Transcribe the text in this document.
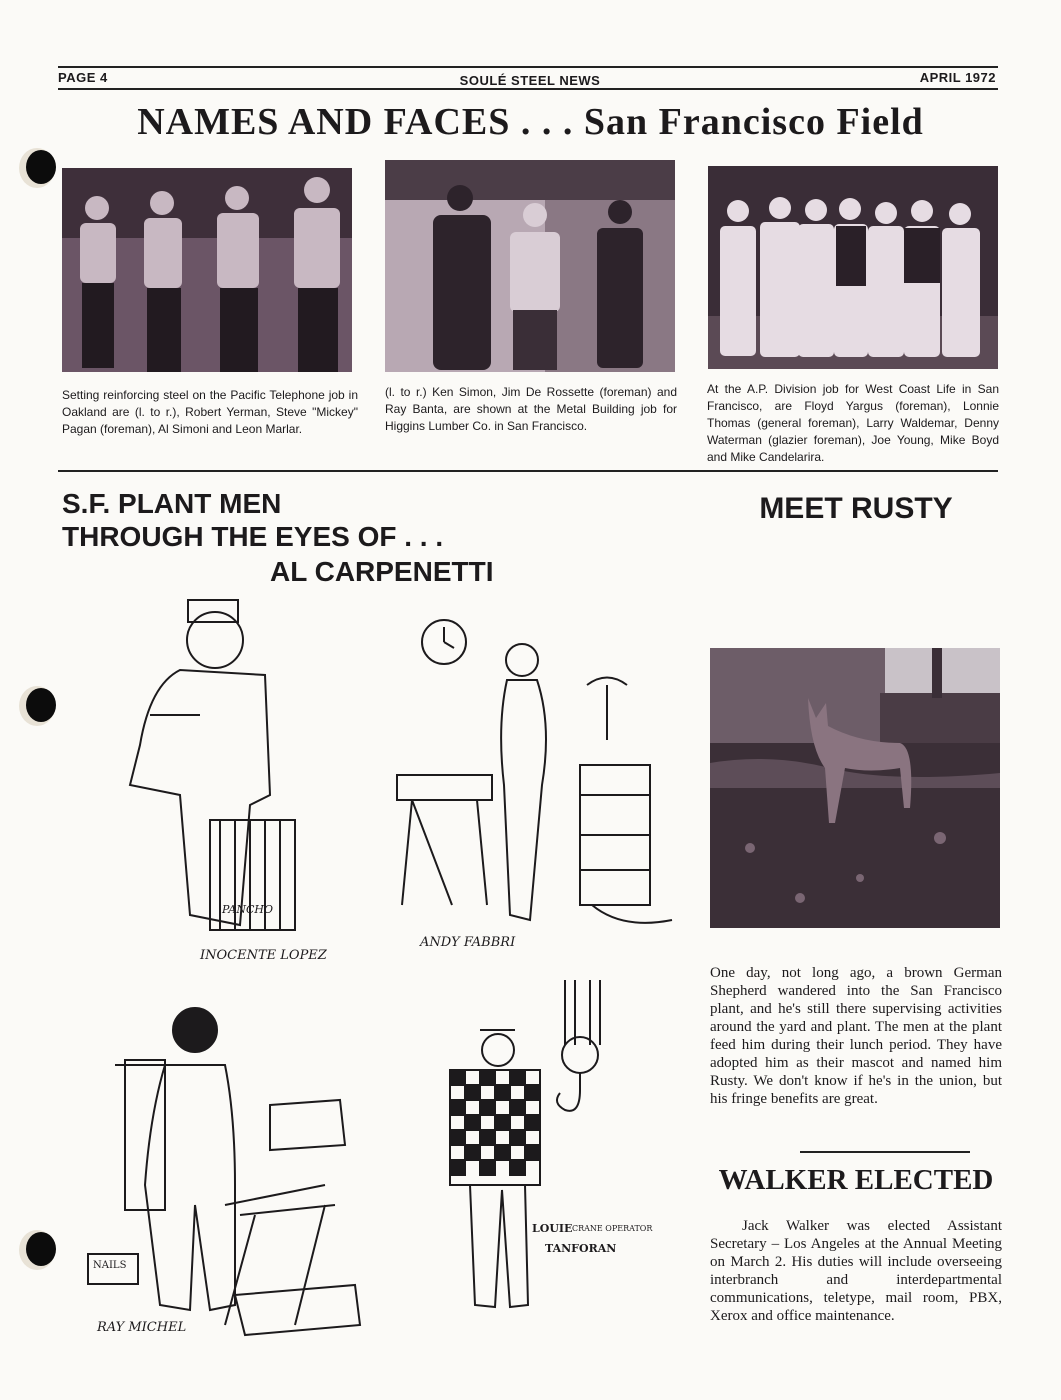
PAGE 4	SOULÉ STEEL NEWS	APRIL 1972
NAMES AND FACES . . . San Francisco Field
Setting reinforcing steel on the Pacific Telephone job in Oakland are (l. to r.), Robert Yerman, Steve "Mickey" Pagan (foreman), Al Simoni and Leon Marlar.
(l. to r.) Ken Simon, Jim De Rossette (foreman) and Ray Banta, are shown at the Metal Building job for Higgins Lumber Co. in San Francisco.
At the A.P. Division job for West Coast Life in San Francisco, are Floyd Yargus (foreman), Lonnie Thomas (general foreman), Larry Waldemar, Denny Waterman (glazier foreman), Joe Young, Mike Boyd and Mike Candelarira.
S.F. PLANT MEN
THROUGH THE EYES OF . . .
AL CARPENETTI
PANCHO
INOCENTE LOPEZ
ANDY FABBRI
NAILS
RAY MICHEL
LOUIE CRANE OPERATOR
TANFORAN
MEET RUSTY
One day, not long ago, a brown German Shepherd wandered into the San Francisco plant, and he's still there supervising activities around the yard and plant. The men at the plant feed him during their lunch period. They have adopted him as their mascot and named him Rusty. We don't know if he's in the union, but his fringe benefits are great.
WALKER ELECTED
Jack Walker was elected Assistant Secretary – Los Angeles at the Annual Meeting on March 2. His duties will include overseeing interbranch and interdepartmental communications, teletype, mail room, PBX, Xerox and office maintenance.
